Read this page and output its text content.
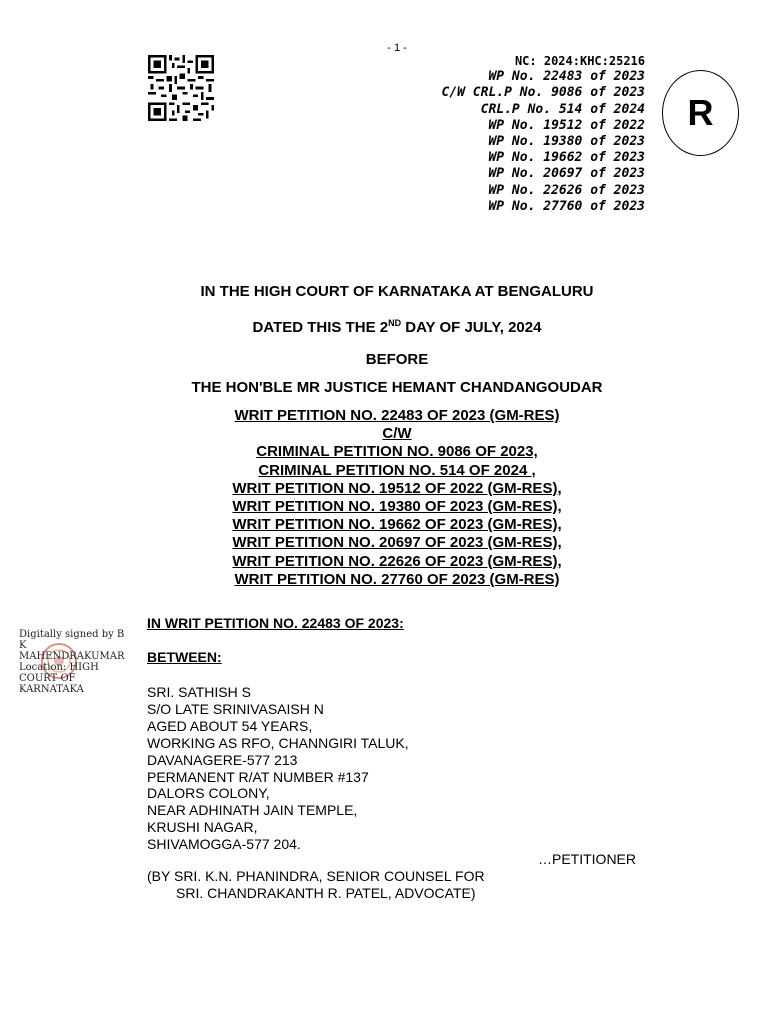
- 1 -
NC: 2024:KHC:25216
WP No. 22483 of 2023
C/W CRL.P No. 9086 of 2023
CRL.P No. 514 of 2024
WP No. 19512 of 2022
WP No. 19380 of 2023
WP No. 19662 of 2023
WP No. 20697 of 2023
WP No. 22626 of 2023
WP No. 27760 of 2023
R
IN THE HIGH COURT OF KARNATAKA AT BENGALURU
DATED THIS THE 2ND DAY OF JULY, 2024
BEFORE
THE HON'BLE MR JUSTICE HEMANT CHANDANGOUDAR
WRIT PETITION NO. 22483 OF 2023 (GM-RES)
C/W
CRIMINAL PETITION NO. 9086 OF 2023,
CRIMINAL PETITION NO. 514 OF 2024 ,
WRIT PETITION NO. 19512 OF 2022 (GM-RES),
WRIT PETITION NO. 19380 OF 2023 (GM-RES),
WRIT PETITION NO. 19662 OF 2023 (GM-RES),
WRIT PETITION NO. 20697 OF 2023 (GM-RES),
WRIT PETITION NO. 22626 OF 2023 (GM-RES),
WRIT PETITION NO. 27760 OF 2023 (GM-RES)
Digitally signed by B
K
MAHENDRAKUMAR
Location: HIGH
COURT OF
KARNATAKA
IN WRIT PETITION NO. 22483 OF 2023:
BETWEEN:
SRI. SATHISH S
S/O LATE SRINIVASAISH N
AGED ABOUT 54 YEARS,
WORKING AS RFO, CHANNGIRI TALUK,
DAVANAGERE-577 213
PERMANENT R/AT NUMBER #137
DALORS COLONY,
NEAR ADHINATH JAIN TEMPLE,
KRUSHI NAGAR,
SHIVAMOGGA-577 204.
…PETITIONER
(BY SRI. K.N. PHANINDRA, SENIOR COUNSEL FOR
SRI. CHANDRAKANTH R. PATEL, ADVOCATE)
